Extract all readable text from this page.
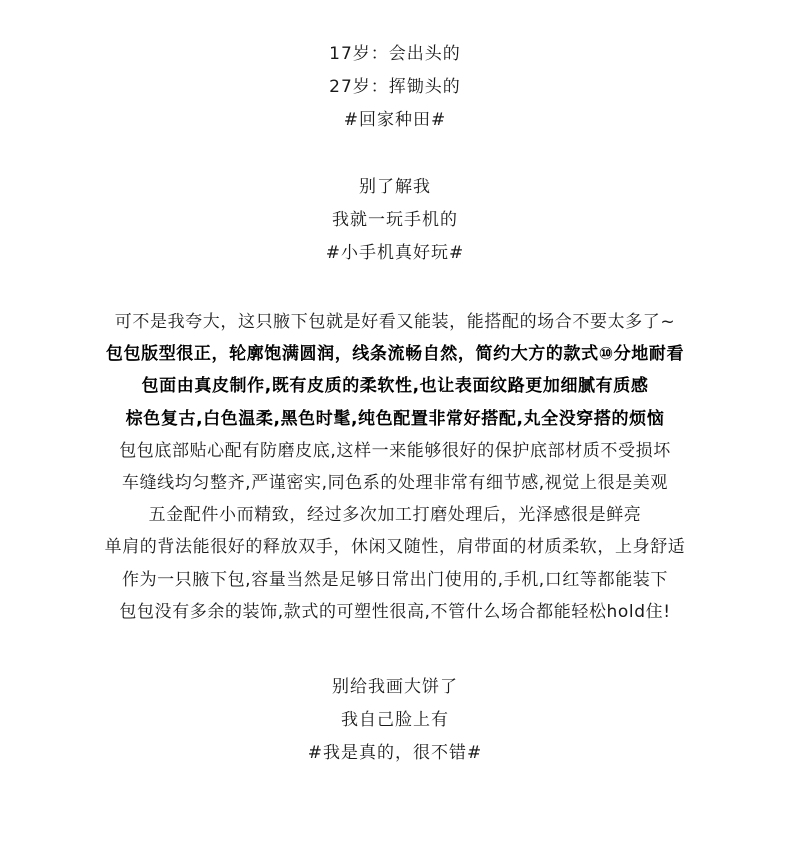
17岁：会出头的
27岁：挥锄头的
#回家种田#
别了解我
我就一玩手机的
#小手机真好玩#
可不是我夸大，这只腋下包就是好看又能装，能搭配的场合不要太多了~
包包版型很正，轮廓饱满圆润，线条流畅自然，简约大方的款式⑩分地耐看
包面由真皮制作,既有皮质的柔软性,也让表面纹路更加细腻有质感
棕色复古,白色温柔,黑色时髦,纯色配置非常好搭配,丸全没穿搭的烦恼
包包底部贴心配有防磨皮底,这样一来能够很好的保护底部材质不受损坏
车缝线均匀整齐,严谨密实,同色系的处理非常有细节感,视觉上很是美观
五金配件小而精致，经过多次加工打磨处理后，光泽感很是鲜亮
单肩的背法能很好的释放双手，休闲又随性，肩带面的材质柔软，上身舒适
作为一只腋下包,容量当然是足够日常出门使用的,手机,口红等都能装下
包包没有多余的装饰,款式的可塑性很高,不管什么场合都能轻松hold住!
别给我画大饼了
我自己脸上有
#我是真的，很不错#
